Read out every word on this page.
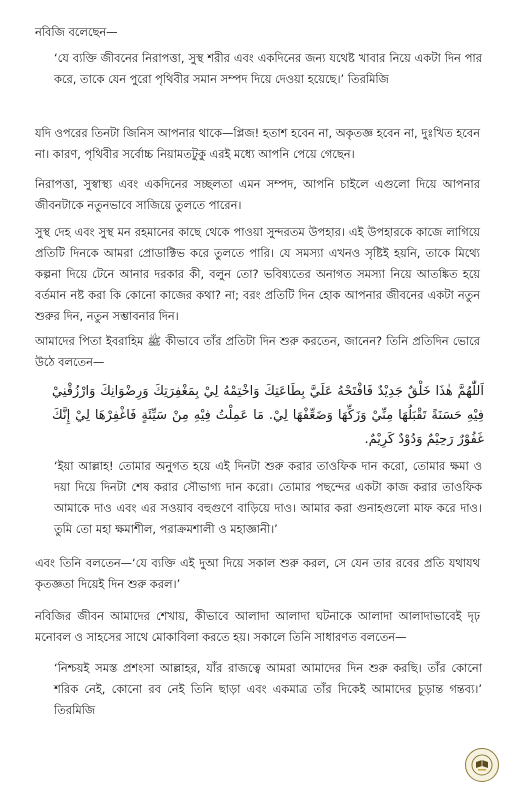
নবিজি বলেছেন—

‘যে ব্যক্তি জীবনের নিরাপত্তা, সুস্থ শরীর এবং একদিনের জন্য যথেষ্ট খাবার নিয়ে একটা দিন পার করে, তাকে যেন পুরো পৃথিবীর সমান সম্পদ দিয়ে দেওয়া হয়েছে।’ তিরমিজি

যদি ওপরের তিনটা জিনিস আপনার থাকে—প্লিজ! হতাশ হবেন না, অকৃতজ্ঞ হবেন না, দুঃখিত হবেন না। কারণ, পৃথিবীর সর্বোচ্চ নিয়ামতটুকু এরই মধ্যে আপনি পেয়ে গেছেন।

নিরাপত্তা, সুস্বাস্থ্য এবং একদিনের সচ্ছলতা এমন সম্পদ, আপনি চাইলে এগুলো দিয়ে আপনার জীবনটাকে নতুনভাবে সাজিয়ে তুলতে পারেন।

সুস্থ দেহ এবং সুস্থ মন রহমানের কাছে থেকে পাওয়া সুন্দরতম উপহার। এই উপহারকে কাজে লাগিয়ে প্রতিটি দিনকে আমরা প্রোডাক্টিভ করে তুলতে পারি। যে সমস্যা এখনও সৃষ্টিই হয়নি, তাকে মিথ্যে কল্পনা দিয়ে টেনে আনার দরকার কী, বলুন তো? ভবিষ্যতের অনাগত সমস্যা নিয়ে আতঙ্কিত হয়ে বর্তমান নষ্ট করা কি কোনো কাজের কথা? না; বরং প্রতিটি দিন হোক আপনার জীবনের একটা নতুন শুরুর দিন, নতুন সম্ভাবনার দিন।

আমাদের পিতা ইবরাহিম ﷺ কীভাবে তাঁর প্রতিটা দিন শুরু করতেন, জানেন? তিনি প্রতিদিন ভোরে উঠে বলতেন—

اَللّٰهُمَّ هٰذَا خَلْقٌ جَدِيْدٌ فَافْتَحْهُ عَلَيَّ بِطَاعَتِكَ وَاخْتِمْهُ لِيْ بِمَغْفِرَتِكَ وَرِضْوَانِكَ وَارْزُقْنِيْ فِيْهِ حَسَنَةً تَقْبَلُهَا مِنِّيْ وَزَكِّهَا وَضَعِّفْهَا لِيْ. مَا عَمِلْتُ فِيْهِ مِنْ سَيِّئَةٍ فَاغْفِرْهَا لِيْ إِنَّكَ غَفُوْرٌ رَحِيْمٌ وَدُوْدٌ كَرِيْمٌ.

‘ইয়া আল্লাহ! তোমার অনুগত হয়ে এই দিনটা শুরু করার তাওফিক দান করো, তোমার ক্ষমা ও দয়া দিয়ে দিনটা শেষ করার সৌভাগ্য দান করো। তোমার পছন্দের একটা কাজ করার তাওফিক আমাকে দাও এবং এর সওয়াব বহুগুণে বাড়িয়ে দাও। আমার করা গুনাহগুলো মাফ করে দাও। তুমি তো মহা ক্ষমাশীল, পরাক্রমশালী ও মহাজ্ঞানী।’

এবং তিনি বলতেন—‘যে ব্যক্তি এই দুআ দিয়ে সকাল শুরু করল, সে যেন তার রবের প্রতি যথাযথ কৃতজ্ঞতা দিয়েই দিন শুরু করল।’

নবিজির জীবন আমাদের শেখায়, কীভাবে আলাদা আলাদা ঘটনাকে আলাদা আলাদাভাবেই দৃঢ় মনোবল ও সাহসের সাথে মোকাবিলা করতে হয়। সকালে তিনি সাধারণত বলতেন—

‘নিশ্চয়ই সমস্ত প্রশংসা আল্লাহর, যাঁর রাজত্বে আমরা আমাদের দিন শুরু করছি। তাঁর কোনো শরিক নেই, কোনো রব নেই তিনি ছাড়া এবং একমাত্র তাঁর দিকেই আমাদের চূড়ান্ত গন্তব্য।’ তিরমিজি
